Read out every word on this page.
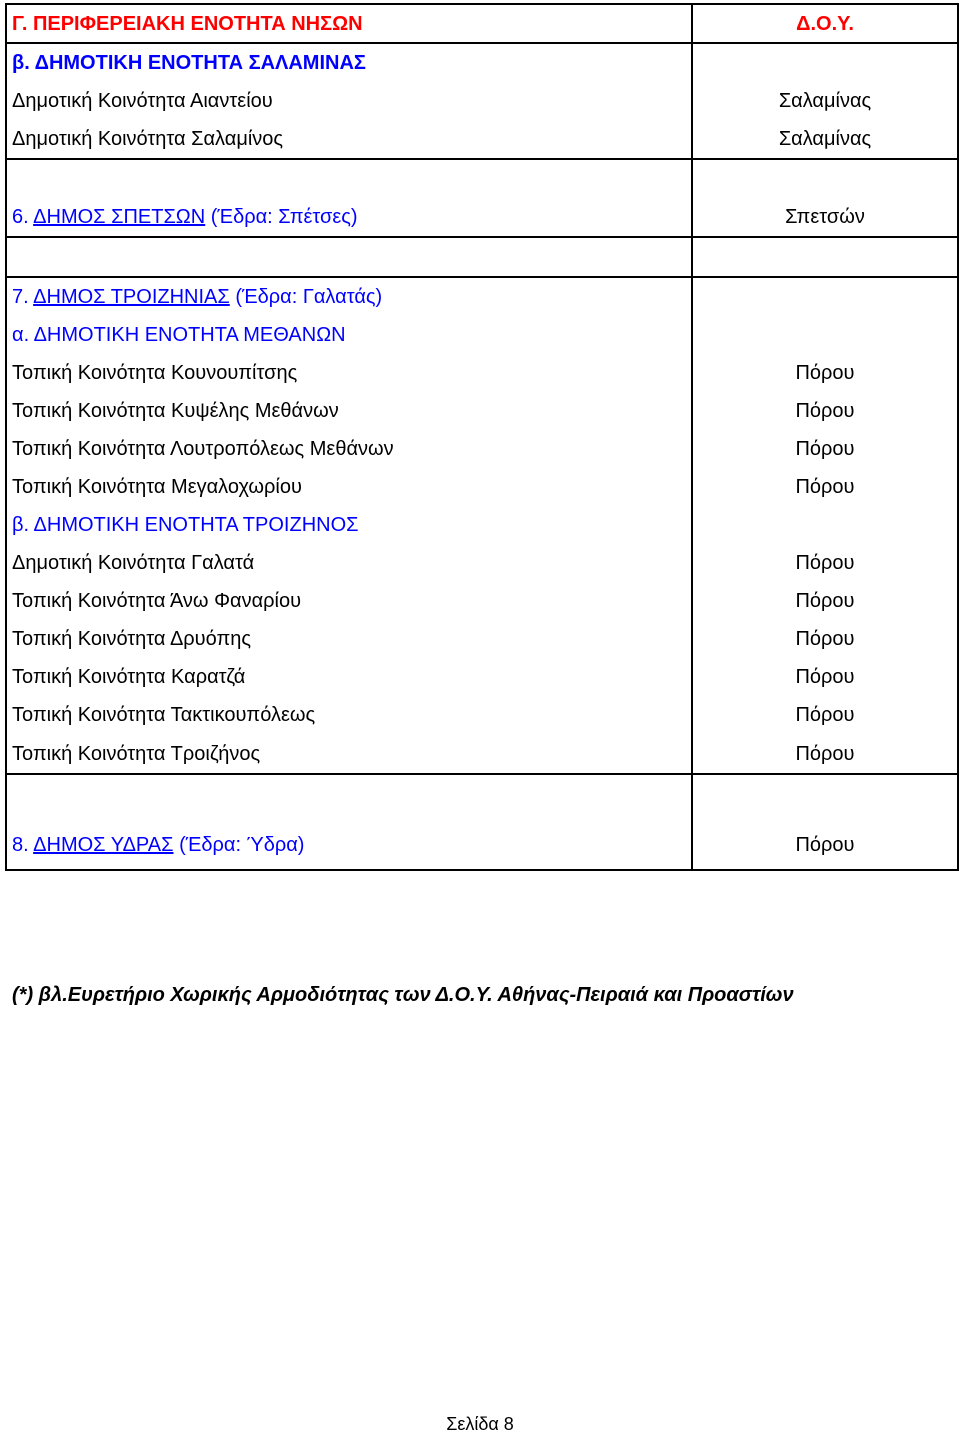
Γ. ΠΕΡΙΦΕΡΕΙΑΚΗ ΕΝΟΤΗΤΑ ΝΗΣΩΝ	Δ.Ο.Υ.
β. ΔΗΜΟΤΙΚΗ ΕΝΟΤΗΤΑ ΣΑΛΑΜΙΝΑΣ	
Δημοτική Κοινότητα Αιαντείου	Σαλαμίνας
Δημοτική Κοινότητα Σαλαμίνος	Σαλαμίνας

6. ΔΗΜΟΣ ΣΠΕΤΣΩΝ (Έδρα: Σπέτσες)	Σπετσών

7. ΔΗΜΟΣ ΤΡΟΙΖΗΝΙΑΣ (Έδρα: Γαλατάς)	
α. ΔΗΜΟΤΙΚΗ ΕΝΟΤΗΤΑ ΜΕΘΑΝΩΝ	
Τοπική Κοινότητα Κουνουπίτσης	Πόρου
Τοπική Κοινότητα Κυψέλης Μεθάνων	Πόρου
Τοπική Κοινότητα Λουτροπόλεως Μεθάνων	Πόρου
Τοπική Κοινότητα Μεγαλοχωρίου	Πόρου
β. ΔΗΜΟΤΙΚΗ ΕΝΟΤΗΤΑ ΤΡΟΙΖΗΝΟΣ	
Δημοτική Κοινότητα Γαλατά	Πόρου
Τοπική Κοινότητα Άνω Φαναρίου	Πόρου
Τοπική Κοινότητα Δρυόπης	Πόρου
Τοπική Κοινότητα Καρατζά	Πόρου
Τοπική Κοινότητα Τακτικουπόλεως	Πόρου
Τοπική Κοινότητα Τροιζήνος	Πόρου

8. ΔΗΜΟΣ ΥΔΡΑΣ (Έδρα: Ύδρα)	Πόρου
(*) βλ.Ευρετήριο Χωρικής Αρμοδιότητας των Δ.Ο.Υ. Αθήνας-Πειραιά και Προαστίων
Σελίδα 8
